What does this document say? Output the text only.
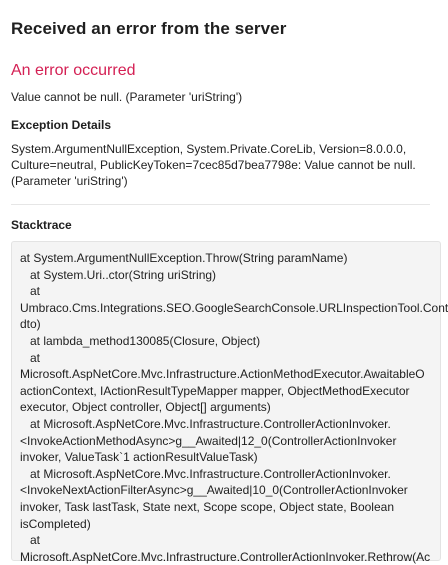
Received an error from the server
An error occurred
Value cannot be null. (Parameter 'uriString')
Exception Details
System.ArgumentNullException, System.Private.CoreLib, Version=8.0.0.0,
Culture=neutral, PublicKeyToken=7cec85d7bea7798e: Value cannot be null.
(Parameter 'uriString')
Stacktrace
at System.ArgumentNullException.Throw(String paramName)
at System.Uri..ctor(String uriString)
at
Umbraco.Cms.Integrations.SEO.GoogleSearchConsole.URLInspectionTool.Cont
dto)
at lambda_method130085(Closure, Object)
at
Microsoft.AspNetCore.Mvc.Infrastructure.ActionMethodExecutor.AwaitableO
actionContext, IActionResultTypeMapper mapper, ObjectMethodExecutor
executor, Object controller, Object[] arguments)
at Microsoft.AspNetCore.Mvc.Infrastructure.ControllerActionInvoker.
<InvokeActionMethodAsync>g__Awaited|12_0(ControllerActionInvoker
invoker, ValueTask`1 actionResultValueTask)
at Microsoft.AspNetCore.Mvc.Infrastructure.ControllerActionInvoker.
<InvokeNextActionFilterAsync>g__Awaited|10_0(ControllerActionInvoker
invoker, Task lastTask, State next, Scope scope, Object state, Boolean
isCompleted)
at
Microsoft.AspNetCore.Mvc.Infrastructure.ControllerActionInvoker.Rethrow(Ac
